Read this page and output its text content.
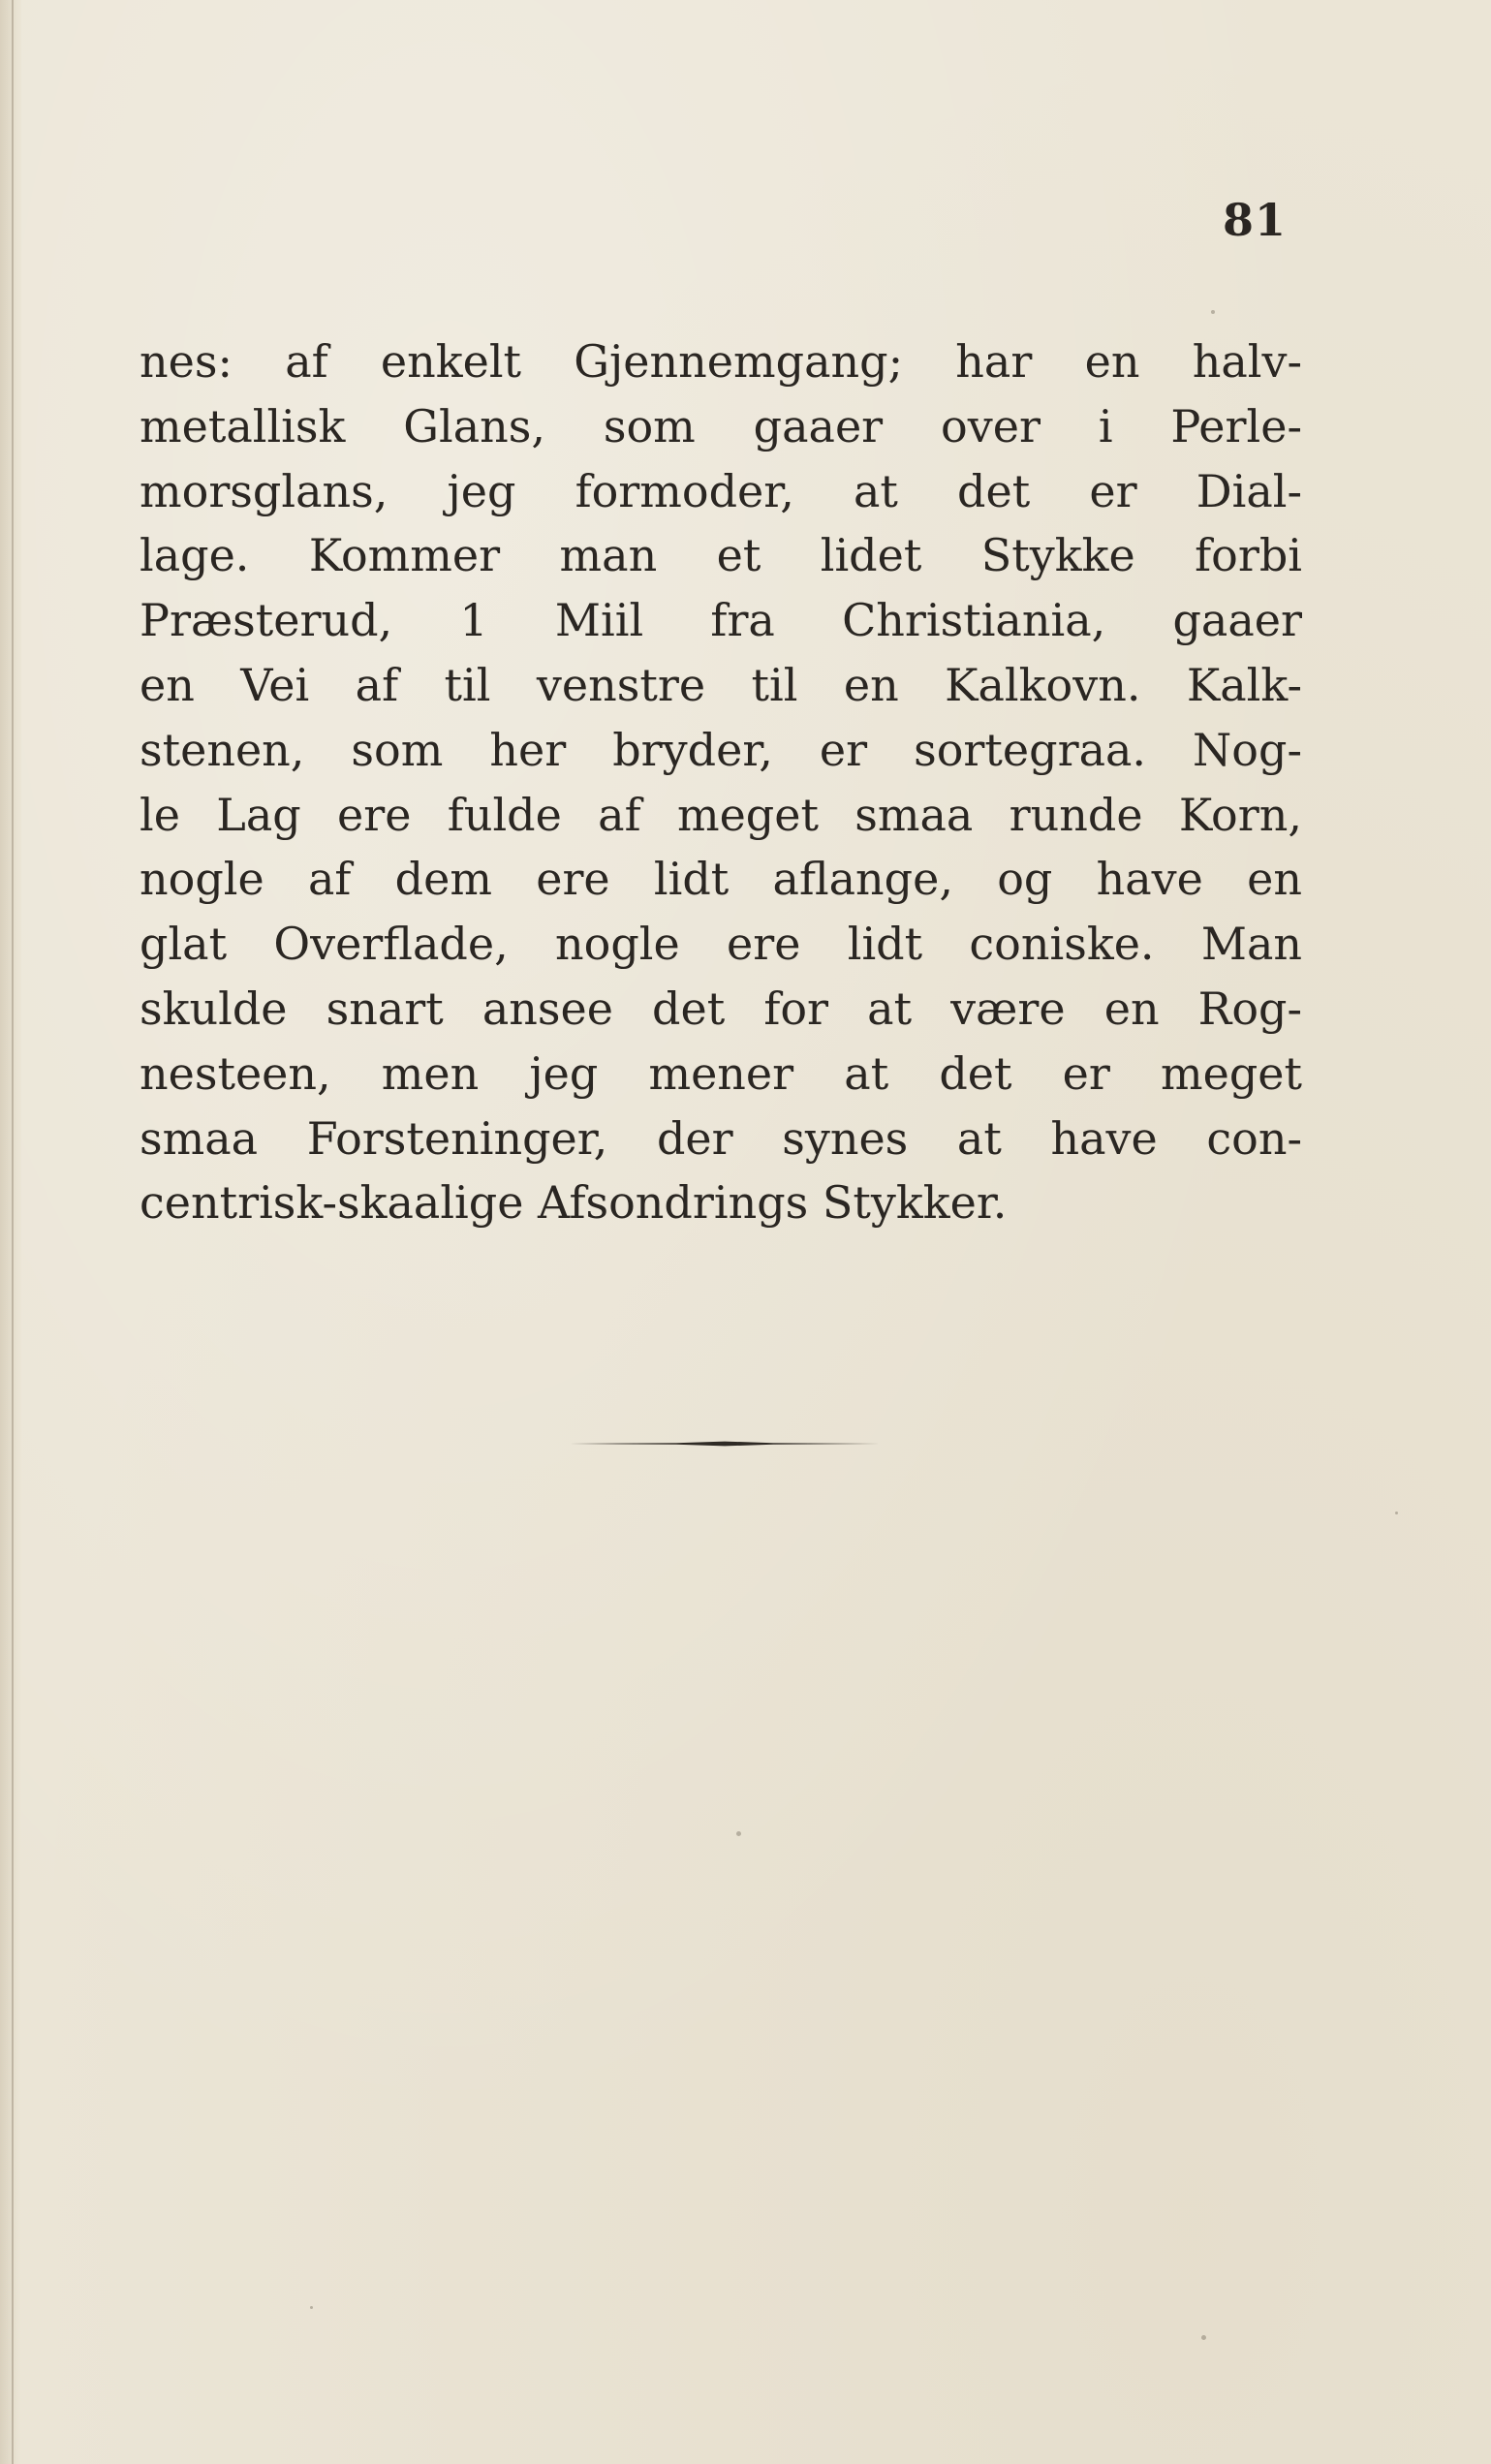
81
nes: af enkelt Gjennemgang; har en halv-
metallisk Glans, som gaaer over i Perle-
morsglans, jeg formoder, at det er Dial-
lage. Kommer man et lidet Stykke forbi
Præsterud, 1 Miil fra Christiania, gaaer
en Vei af til venstre til en Kalkovn. Kalk-
stenen, som her bryder, er sortegraa. Nog-
le Lag ere fulde af meget smaa runde Korn,
nogle af dem ere lidt aflange, og have en
glat Overflade, nogle ere lidt coniske. Man
skulde snart ansee det for at være en Rog-
nesteen, men jeg mener at det er meget
smaa Forsteninger, der synes at have con-
centrisk-skaalige Afsondrings Stykker.
